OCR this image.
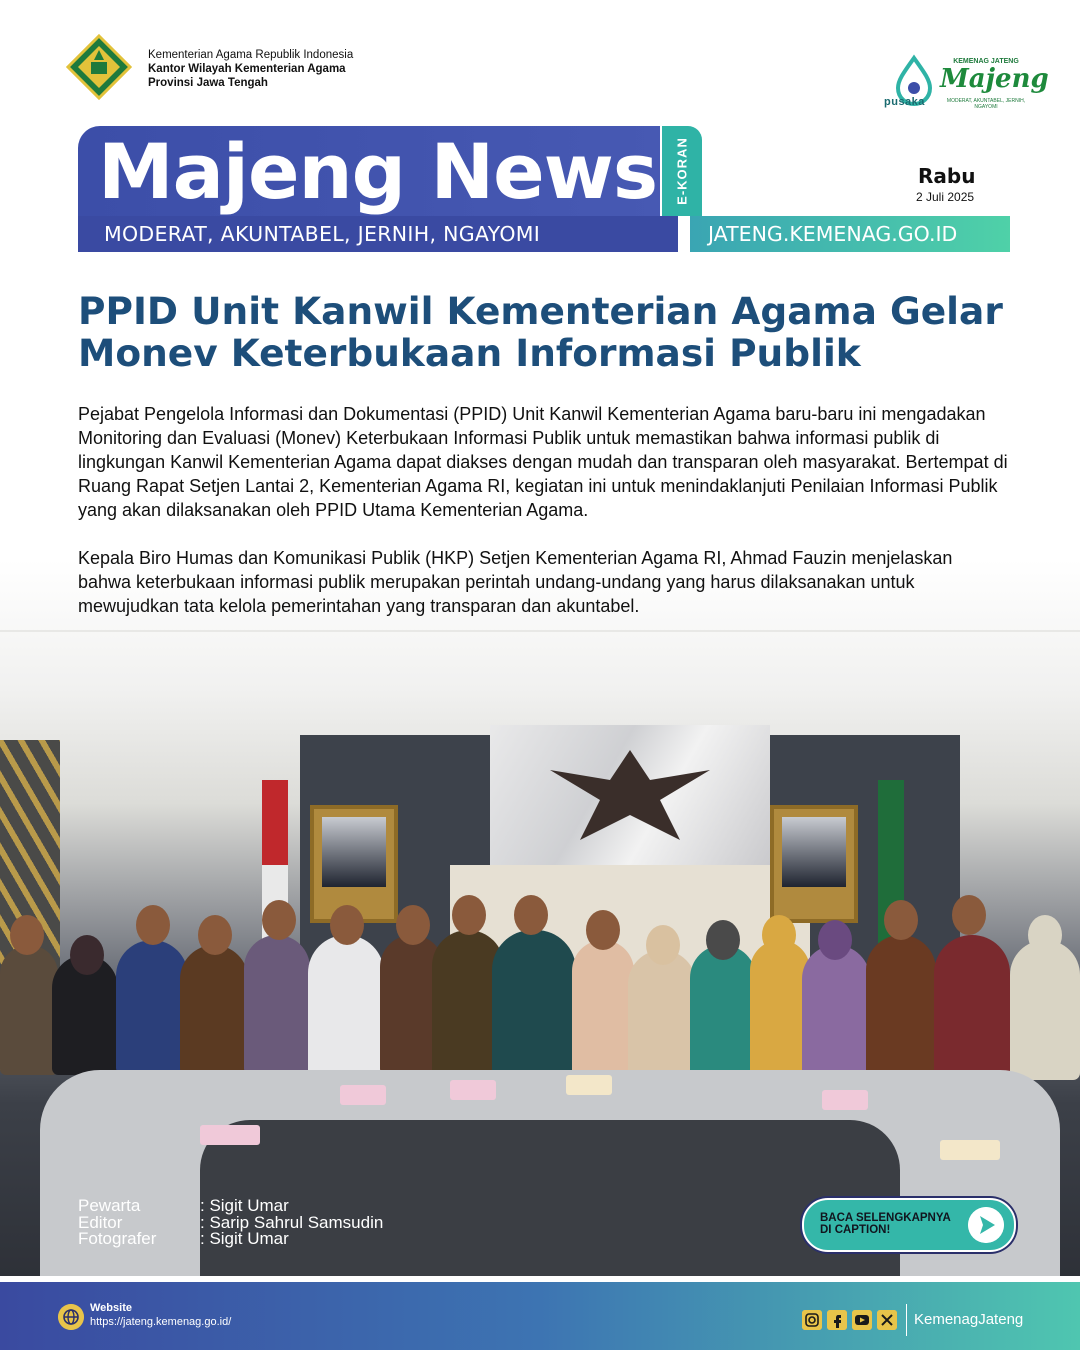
Kementerian Agama Republik Indonesia
Kantor Wilayah Kementerian Agama
Provinsi Jawa Tengah
pusaka
KEMENAG JATENG
Majeng
MODERAT, AKUNTABEL, JERNIH, NGAYOMI
Majeng News E-KORAN
MODERAT, AKUNTABEL, JERNIH, NGAYOMI	JATENG.KEMENAG.GO.ID
Rabu
2 Juli 2025
PPID Unit Kanwil Kementerian Agama Gelar Monev Keterbukaan Informasi Publik
Pejabat Pengelola Informasi dan Dokumentasi (PPID) Unit Kanwil Kementerian Agama baru-baru ini mengadakan Monitoring dan Evaluasi (Monev) Keterbukaan Informasi Publik untuk memastikan bahwa informasi publik di lingkungan Kanwil Kementerian Agama dapat diakses dengan mudah dan transparan oleh masyarakat. Bertempat di Ruang Rapat Setjen Lantai 2, Kementerian Agama RI, kegiatan ini untuk menindaklanjuti Penilaian Informasi Publik yang akan dilaksanakan oleh PPID Utama Kementerian Agama.
Kepala Biro Humas dan Komunikasi Publik (HKP) Setjen Kementerian Agama RI, Ahmad Fauzin menjelaskan bahwa keterbukaan informasi publik merupakan perintah undang-undang yang harus dilaksanakan untuk mewujudkan tata kelola pemerintahan yang transparan dan akuntabel.
Pewarta	: Sigit Umar
Editor	: Sarip Sahrul Samsudin
Fotografer	: Sigit Umar
BACA SELENGKAPNYA
DI CAPTION!
Website
https://jateng.kemenag.go.id/	KemenagJateng
